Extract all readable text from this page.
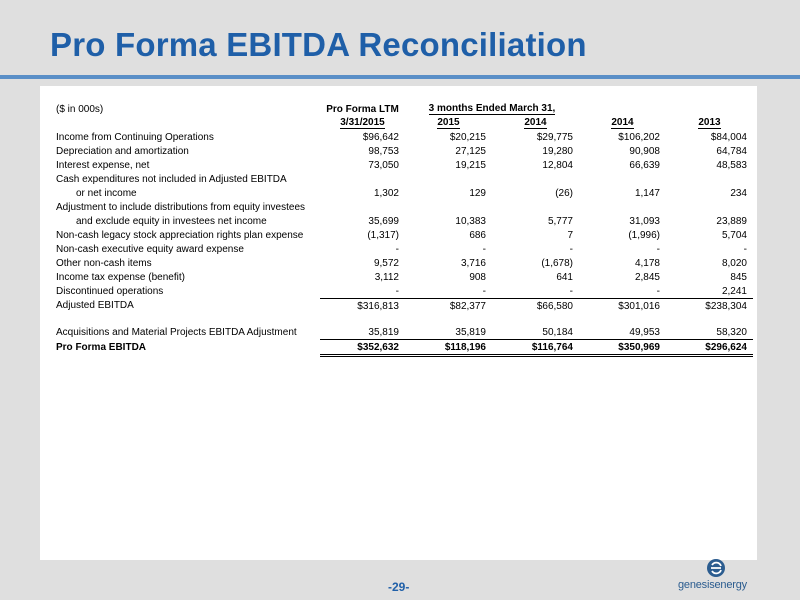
Pro Forma EBITDA Reconciliation
($ in 000s)	Pro Forma LTM	3 months Ended March 31,			
	3/31/2015	2015	2014	2014	2013
Income from Continuing Operations	$96,642	$20,215	$29,775	$106,202	$84,004
Depreciation and amortization	98,753	27,125	19,280	90,908	64,784
Interest expense, net	73,050	19,215	12,804	66,639	48,583
Cash expenditures not included in Adjusted EBITDA					
or net income	1,302	129	(26)	1,147	234
Adjustment to include distributions from equity investees					
and exclude equity in investees net income	35,699	10,383	5,777	31,093	23,889
Non-cash legacy stock appreciation rights plan expense	(1,317)	686	7	(1,996)	5,704
Non-cash executive equity award expense	-	-	-	-	-
Other non-cash items	9,572	3,716	(1,678)	4,178	8,020
Income tax expense (benefit)	3,112	908	641	2,845	845
Discontinued operations	-	-	-	-	2,241
Adjusted EBITDA	$316,813	$82,377	$66,580	$301,016	$238,304

Acquisitions and Material Projects EBITDA Adjustment	35,819	35,819	50,184	49,953	58,320
Pro Forma EBITDA	$352,632	$118,196	$116,764	$350,969	$296,624
-29-	genesisenergy
